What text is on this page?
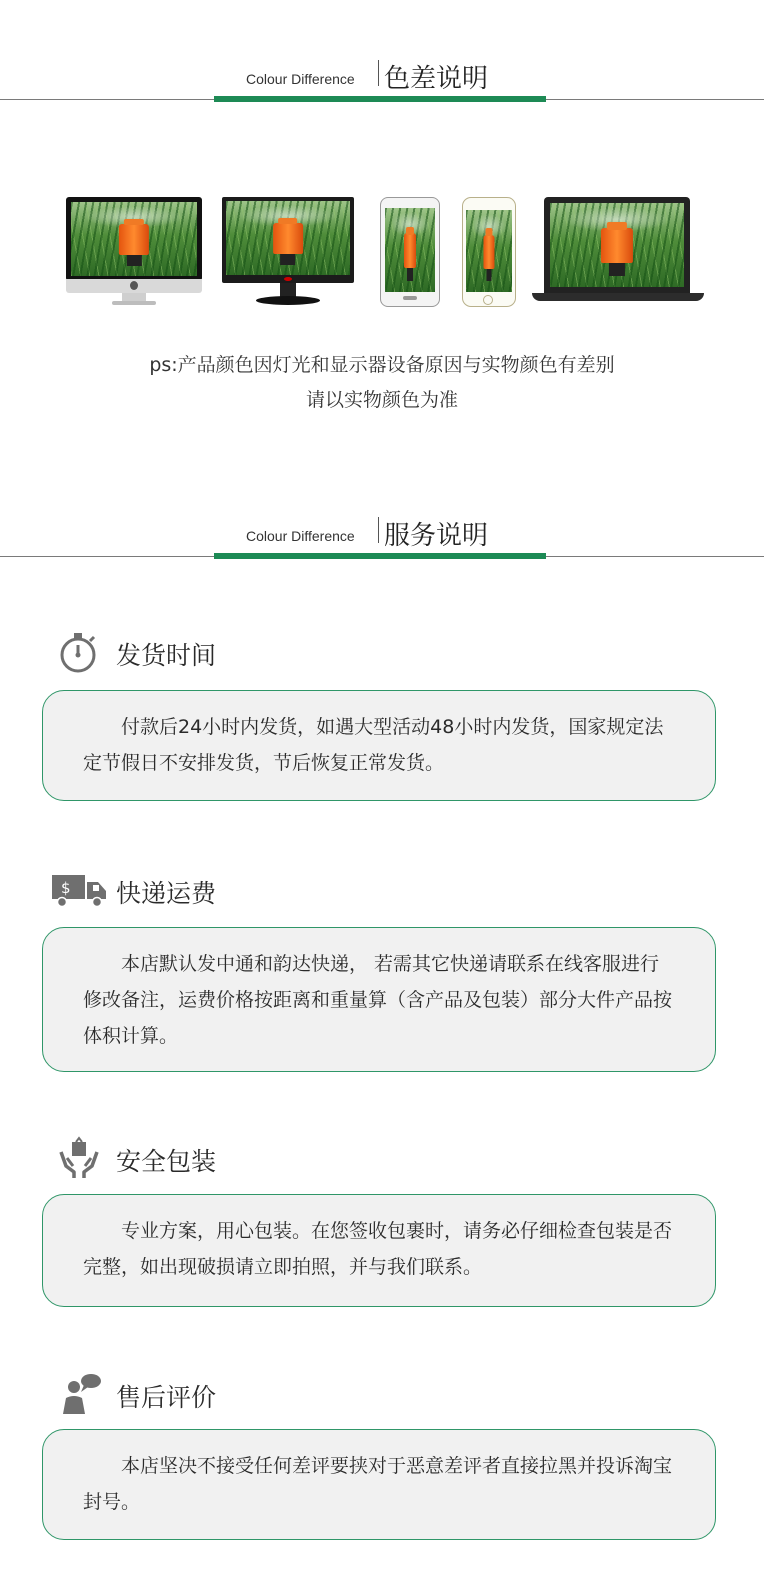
Colour Difference 色差说明
ps:产品颜色因灯光和显示器设备原因与实物颜色有差别
请以实物颜色为准
Colour Difference 服务说明
发货时间

付款后24小时内发货，如遇大型活动48小时内发货，国家规定法定节假日不安排发货，节后恢复正常发货。

$ 快递运费

本店默认发中通和韵达快递， 若需其它快递请联系在线客服进行修改备注，运费价格按距离和重量算（含产品及包装）部分大件产品按体积计算。

安全包装

专业方案，用心包装。在您签收包裹时，请务必仔细检查包装是否完整，如出现破损请立即拍照，并与我们联系。

售后评价

本店坚决不接受任何差评要挟对于恶意差评者直接拉黑并投诉淘宝封号。
